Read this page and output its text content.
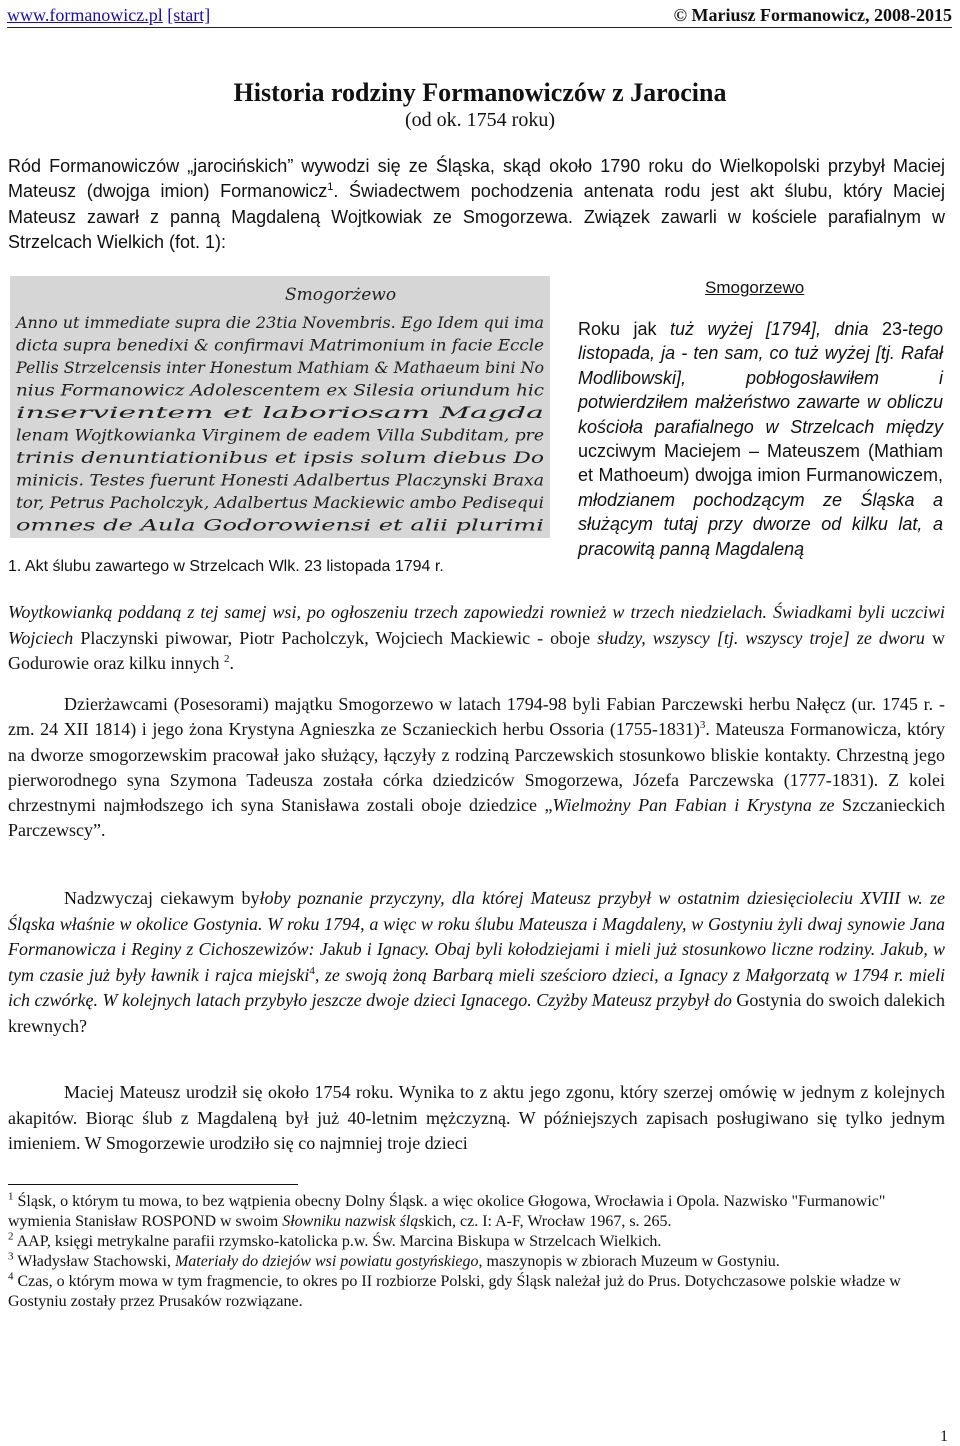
www.formanowicz.pl [start]	© Mariusz Formanowicz, 2008-2015
Historia rodziny Formanowiczów z Jarocina
(od ok. 1754 roku)
Ród Formanowiczów „jarocińskich” wywodzi się ze Śląska, skąd około 1790 roku do Wielkopolski przybył Maciej Mateusz (dwojga imion) Formanowicz$^1$. Świadectwem pochodzenia antenata rodu jest akt ślubu, który Maciej Mateusz zawarł z panną Magdaleną Wojtkowiak ze Smogorzewa. Związek zawarli w kościele parafialnym w Strzelcach Wielkich (fot. 1):
Smogorżewo
Anno ut immediate supra die 23tia Novembris. Ego Idem qui ima
dicta supra benedixi & confirmavi Matrimonium in facie Eccle
Pellis Strzelcensis inter Honestum Mathiam & Mathaeum bini No
nius Formanowicz Adolescentem ex Silesia oriundum hic
inservientem et laboriosam Magda
lenam Wojtkowianka Virginem de eadem Villa Subditam, pre
trinis denuntiationibus et ipsis solum diebus Do
minicis. Testes fuerunt Honesti Adalbertus Placzynski Braxa
tor, Petrus Pacholczyk, Adalbertus Mackiewic ambo Pedisequi
omnes de Aula Godorowiensi et alii plurimi
1. Akt ślubu zawartego w Strzelcach Wlk. 23 listopada 1794 r.
Smogorzewo
Roku jak tuż wyżej [1794], dnia 23-tego listopada, ja - ten sam, co tuż wyżej [tj. Rafał Modlibowski], pobłogosławiłem i potwierdziłem małżeństwo zawarte w obliczu kościoła parafialnego w Strzelcach między uczciwym Maciejem – Mateuszem (Mathiam et Mathoeum) dwojga imion Furmanowiczem, młodzianem pochodzącym ze Śląska a służącym tutaj przy dworze od kilku lat, a pracowitą panną Magdaleną
Woytkowianką poddaną z tej samej wsi, po ogłoszeniu trzech zapowiedzi rownież w trzech niedzielach. Świadkami byli uczciwi Wojciech Placzynski piwowar, Piotr Pacholczyk, Wojciech Mackiewic - oboje słudzy, wszyscy [tj. wszyscy troje] ze dworu w Godurowie oraz kilku innych $^2$.
Dzierżawcami (Posesorami) majątku Smogorzewo w latach 1794-98 byli Fabian Parczewski herbu Nałęcz (ur. 1745 r. - zm. 24 XII 1814) i jego żona Krystyna Agnieszka ze Sczanieckich herbu Ossoria (1755-1831)$^3$. Mateusza Formanowicza, który na dworze smogorzewskim pracował jako służący, łączyły z rodziną Parczewskich stosunkowo bliskie kontakty. Chrzestną jego pierworodnego syna Szymona Tadeusza została córka dziedziców Smogorzewa, Józefa Parczewska (1777-1831). Z kolei chrzestnymi najmłodszego ich syna Stanisława zostali oboje dziedzice „Wielmożny Pan Fabian i Krystyna ze Szczanieckich Parczewscy”.
Nadzwyczaj ciekawym byłoby poznanie przyczyny, dla której Mateusz przybył w ostatnim dziesięcioleciu XVIII w. ze Śląska właśnie w okolice Gostynia. W roku 1794, a więc w roku ślubu Mateusza i Magdaleny, w Gostyniu żyli dwaj synowie Jana Formanowicza i Reginy z Cichoszewizów: Jakub i Ignacy. Obaj byli kołodziejami i mieli już stosunkowo liczne rodziny. Jakub, w tym czasie już były ławnik i rajca miejski$^4$, ze swoją żoną Barbarą mieli sześcioro dzieci, a Ignacy z Małgorzatą w 1794 r. mieli ich czwórkę. W kolejnych latach przybyło jeszcze dwoje dzieci Ignacego. Czyżby Mateusz przybył do Gostynia do swoich dalekich krewnych?
Maciej Mateusz urodził się około 1754 roku. Wynika to z aktu jego zgonu, który szerzej omówię w jednym z kolejnych akapitów. Biorąc ślub z Magdaleną był już 40-letnim mężczyzną. W późniejszych zapisach posługiwano się tylko jednym imieniem. W Smogorzewie urodziło się co najmniej troje dzieci
$^1$ Śląsk, o którym tu mowa, to bez wątpienia obecny Dolny Śląsk. a więc okolice Głogowa, Wrocławia i Opola. Nazwisko "Furmanowic" wymienia Stanisław ROSPOND w swoim Słowniku nazwisk śląskich, cz. I: A-F, Wrocław 1967, s. 265.
$^2$ AAP, księgi metrykalne parafii rzymsko-katolicka p.w. Św. Marcina Biskupa w Strzelcach Wielkich.
$^3$ Władysław Stachowski, Materiały do dziejów wsi powiatu gostyńskiego, maszynopis w zbiorach Muzeum w Gostyniu.
$^4$ Czas, o którym mowa w tym fragmencie, to okres po II rozbiorze Polski, gdy Śląsk należał już do Prus. Dotychczasowe polskie władze w Gostyniu zostały przez Prusaków rozwiązane.
1
